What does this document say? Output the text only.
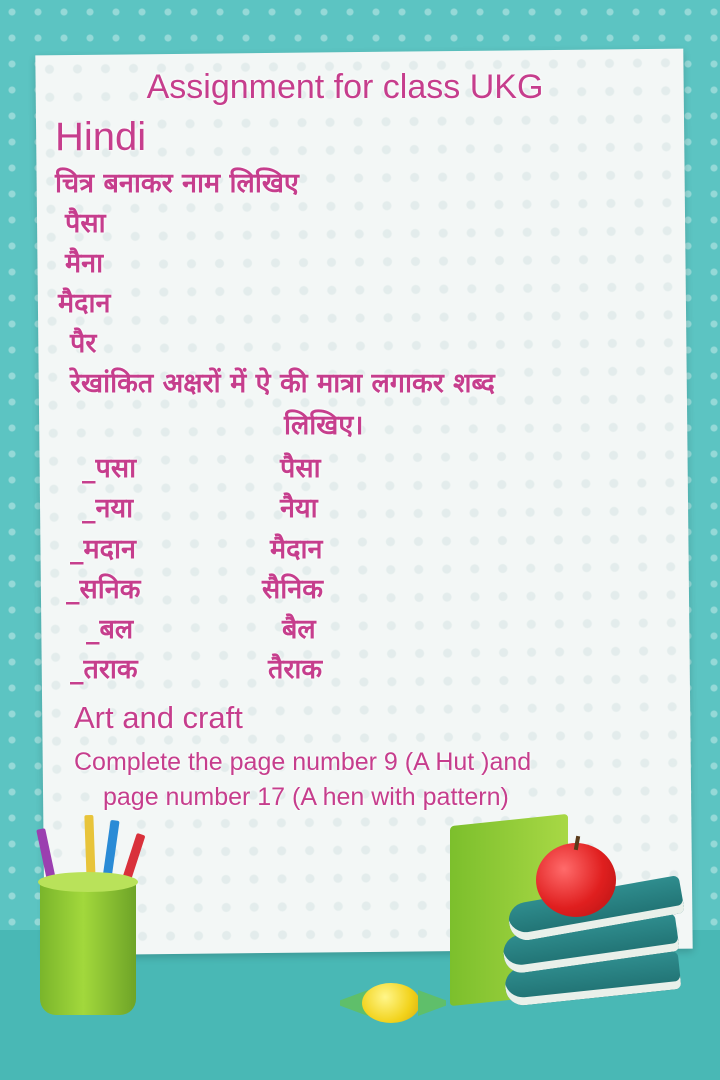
Assignment for class UKG
Hindi
चित्र बनाकर नाम लिखिए
पैसा
मैना
मैदान
पैर
रेखांकित अक्षरों में ऐ की मात्रा लगाकर शब्द
लिखिए।
_पसा	पैसा
_नया	नैया
_मदान	मैदान
_सनिक	सैनिक
_बल	बैल
_तराक	तैराक
Art and craft
Complete the page number 9 (A Hut )and
page number 17 (A hen with pattern)
